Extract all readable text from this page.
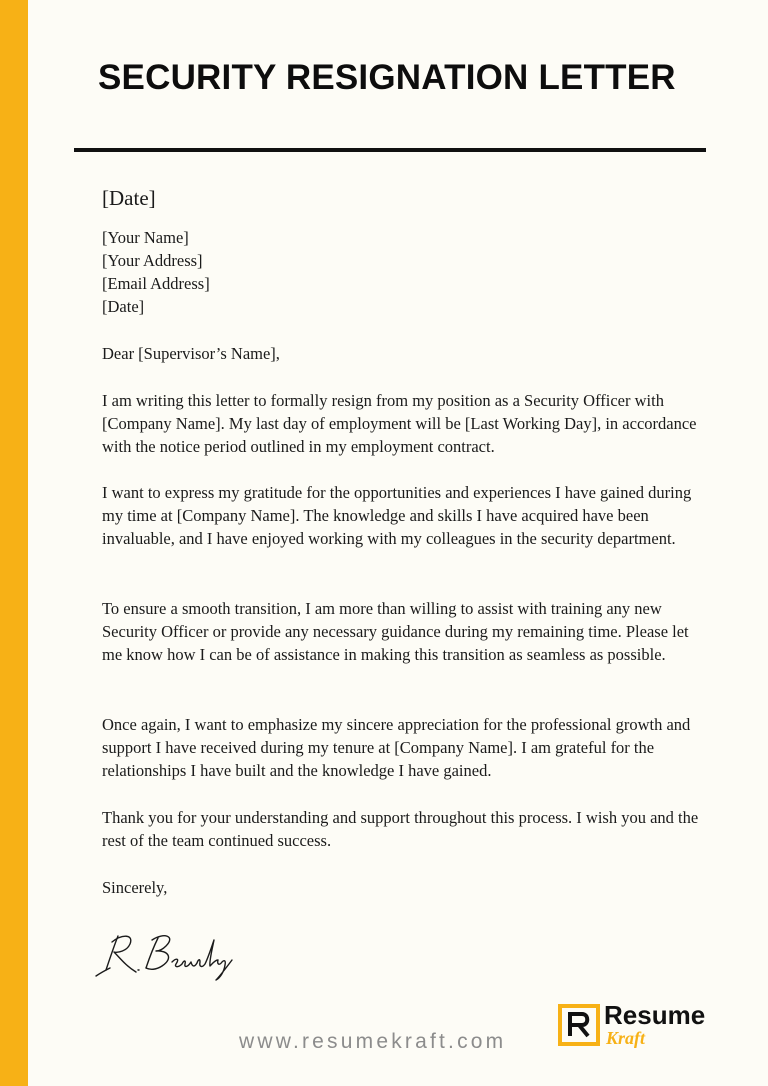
SECURITY RESIGNATION LETTER
[Date]
[Your Name]
[Your Address]
[Email Address]
[Date]
Dear [Supervisor’s Name],
I am writing this letter to formally resign from my position as a Security Officer with [Company Name]. My last day of employment will be [Last Working Day], in accordance with the notice period outlined in my employment contract.
I want to express my gratitude for the opportunities and experiences I have gained during my time at [Company Name]. The knowledge and skills I have acquired have been invaluable, and I have enjoyed working with my colleagues in the security department.
To ensure a smooth transition, I am more than willing to assist with training any new Security Officer or provide any necessary guidance during my remaining time. Please let me know how I can be of assistance in making this transition as seamless as possible.
Once again, I want to emphasize my sincere appreciation for the professional growth and support I have received during my tenure at [Company Name]. I am grateful for the relationships I have built and the knowledge I have gained.
Thank you for your understanding and support throughout this process. I wish you and the rest of the team continued success.
Sincerely,
www.resumekraft.com
Resume
Kraft
